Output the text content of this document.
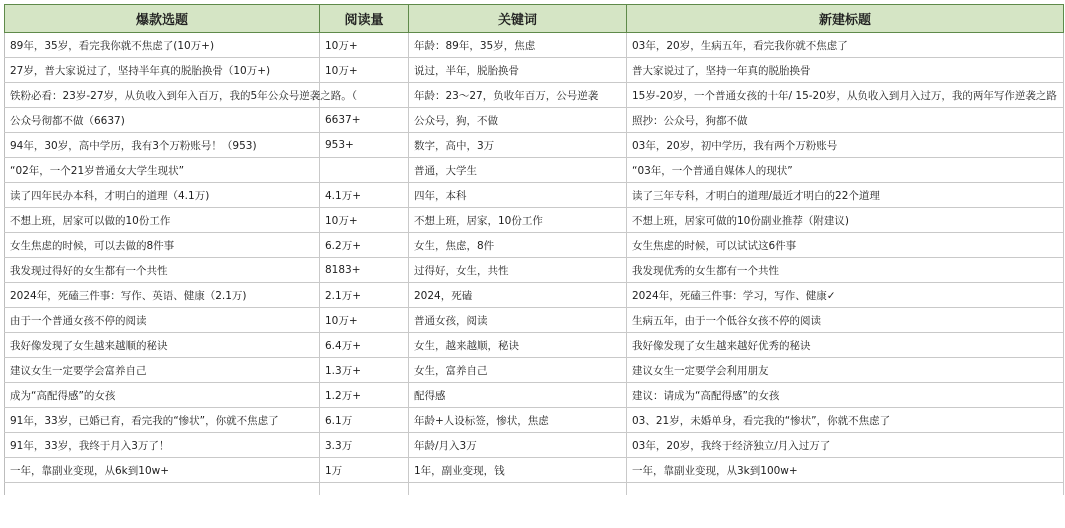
爆款选题	阅读量	关键词	新建标题
89年，35岁，看完我你就不焦虑了(10万+)	10万+	年龄：89年，35岁，焦虑	03年，20岁，生病五年，看完我你就不焦虑了
27岁，普大家说过了，坚持半年真的脱胎换骨（10万+)	10万+	说过，半年，脱胎换骨	普大家说过了，坚持一年真的脱胎换骨
铁粉必看：23岁-27岁，从负收入到年入百万，我的5年公众号逆袭之路。（		年龄：23～27，负收年百万，公号逆袭	15岁-20岁，一个普通女孩的十年/ 15-20岁，从负收入到月入过万，我的两年写作逆袭之路
公众号彻都不做（6637)	6637+	公众号，狗，不做	照抄：公众号，狗都不做
94年，30岁，高中学历，我有3个万粉账号！（953)	953+	数字，高中，3万	03年，20岁，初中学历，我有两个万粉账号
“02年，一个21岁普通女大学生现状”		普通，大学生	“03年，一个普通自媒体人的现状”
读了四年民办本科，才明白的道理（4.1万)	4.1万+	四年，本科	读了三年专科，才明白的道理/最近才明白的22个道理
不想上班，居家可以做的10份工作	10万+	不想上班，居家，10份工作	不想上班，居家可做的10份副业推荐（附建议)
女生焦虑的时候，可以去做的8件事	6.2万+	女生，焦虑，8件	女生焦虑的时候，可以试试这6件事
我发现过得好的女生都有一个共性	8183+	过得好，女生，共性	我发现优秀的女生都有一个共性
2024年，死磕三件事：写作、英语、健康（2.1万)	2.1万+	2024，死磕	2024年，死磕三件事：学习，写作、健康✓
由于一个普通女孩不停的阅读	10万+	普通女孩，阅读	生病五年，由于一个低谷女孩不停的阅读
我好像发现了女生越来越顺的秘诀	6.4万+	女生，越来越顺，秘诀	我好像发现了女生越来越好优秀的秘诀
建议女生一定要学会富养自己	1.3万+	女生，富养自己	建议女生一定要学会利用朋友
成为“高配得感”的女孩	1.2万+	配得感	建议：请成为“高配得感”的女孩
91年，33岁，已婚已育，看完我的“惨状”，你就不焦虑了	6.1万	年龄+人设标签，惨状，焦虑	03、21岁，未婚单身，看完我的“惨状”，你就不焦虑了
91年，33岁，我终于月入3万了！	3.3万	年龄/月入3万	03年，20岁，我终于经济独立/月入过万了
一年，靠副业变现，从6k到10w+	1万	1年，副业变现，钱	一年，靠副业变现，从3k到100w+
